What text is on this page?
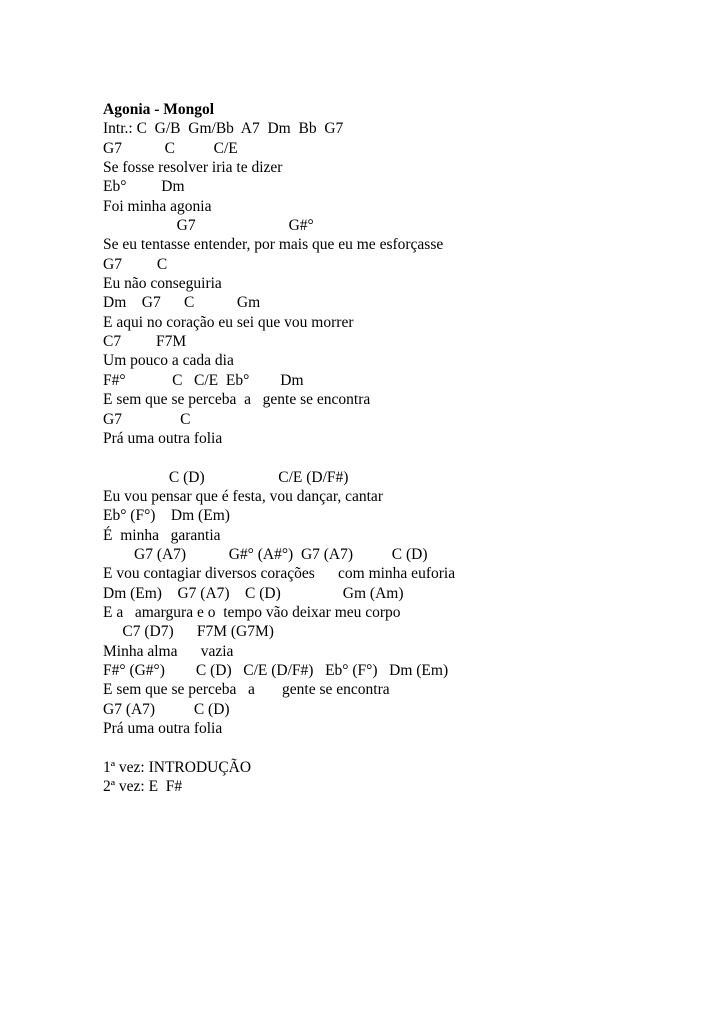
Agonia - Mongol
Intr.: C  G/B  Gm/Bb  A7  Dm  Bb  G7
G7           C          C/E
Se fosse resolver iria te dizer
Eb°         Dm
Foi minha agonia
G7                        G#°
Se eu tentasse entender, por mais que eu me esforçasse
G7         C
Eu não conseguiria
Dm    G7      C           Gm
E aqui no coração eu sei que vou morrer
C7         F7M
Um pouco a cada dia
F#°            C   C/E  Eb°        Dm
E sem que se perceba  a   gente se encontra
G7               C
Prá uma outra folia
C (D)                   C/E (D/F#)
Eu vou pensar que é festa, vou dançar, cantar
Eb° (F°)    Dm (Em)
É  minha   garantia
G7 (A7)           G#° (A#°)  G7 (A7)          C (D)
E vou contagiar diversos corações      com minha euforia
Dm (Em)    G7 (A7)    C (D)                Gm (Am)
E a   amargura e o  tempo vão deixar meu corpo
C7 (D7)      F7M (G7M)
Minha alma      vazia
F#° (G#°)        C (D)   C/E (D/F#)   Eb° (F°)   Dm (Em)
E sem que se perceba   a       gente se encontra
G7 (A7)          C (D)
Prá uma outra folia
1ª vez: INTRODUÇÃO
2ª vez: E  F#
